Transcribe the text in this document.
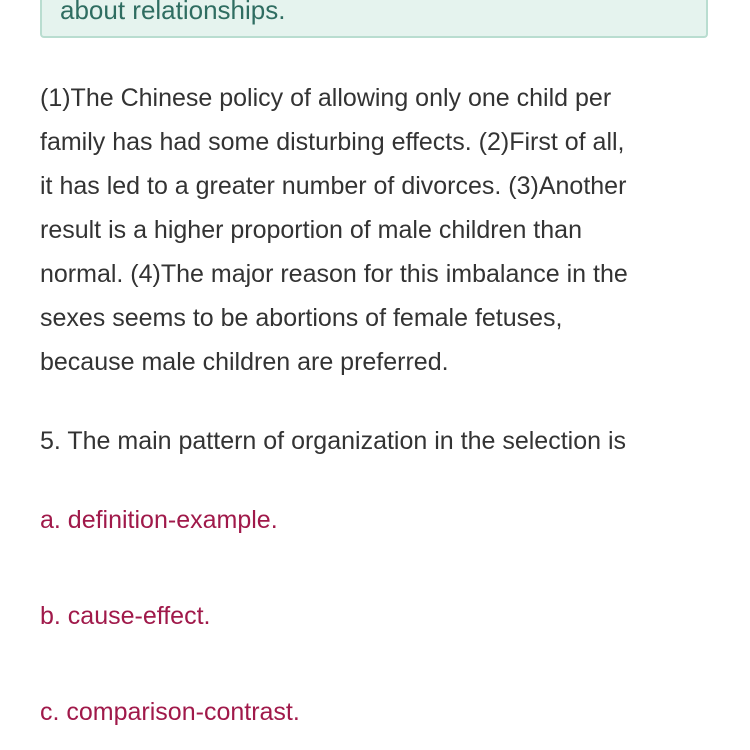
about relationships.

(1)The Chinese policy of allowing only one child per
family has had some disturbing effects. (2)First of all,
it has led to a greater number of divorces. (3)Another
result is a higher proportion of male children than
normal. (4)The major reason for this imbalance in the
sexes seems to be abortions of female fetuses,
because male children are preferred.

5. The main pattern of organization in the selection is

a. definition-example.

b. cause-effect.

c. comparison-contrast.
